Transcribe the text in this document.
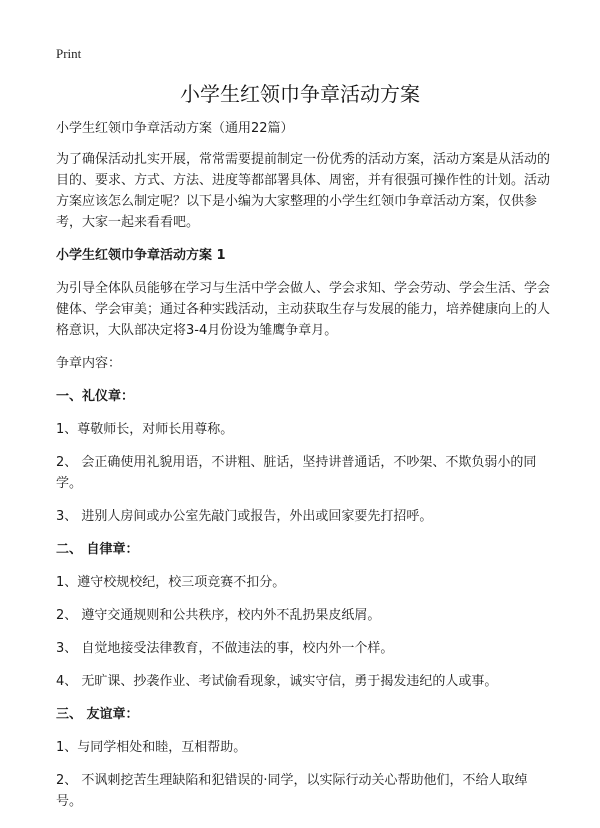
Print
小学生红领巾争章活动方案

小学生红领巾争章活动方案（通用22篇）

为了确保活动扎实开展，常常需要提前制定一份优秀的活动方案，活动方案是从活动的目的、要求、方式、方法、进度等都部署具体、周密，并有很强可操作性的计划。活动方案应该怎么制定呢？以下是小编为大家整理的小学生红领巾争章活动方案，仅供参考，大家一起来看看吧。

小学生红领巾争章活动方案 1

为引导全体队员能够在学习与生活中学会做人、学会求知、学会劳动、学会生活、学会健体、学会审美；通过各种实践活动，主动获取生存与发展的能力，培养健康向上的人格意识，大队部决定将3-4月份设为雏鹰争章月。

争章内容：

一、礼仪章：

1、尊敬师长，对师长用尊称。

2、 会正确使用礼貌用语，不讲粗、脏话，坚持讲普通话，不吵架、不欺负弱小的同学。

3、 进别人房间或办公室先敲门或报告，外出或回家要先打招呼。

二、 自律章：

1、遵守校规校纪，校三项竞赛不扣分。

2、 遵守交通规则和公共秩序，校内外不乱扔果皮纸屑。

3、 自觉地接受法律教育，不做违法的事，校内外一个样。

4、 无旷课、抄袭作业、考试偷看现象，诚实守信，勇于揭发违纪的人或事。

三、 友谊章：

1、与同学相处和睦，互相帮助。

2、 不讽刺挖苦生理缺陷和犯错误的·同学，以实际行动关心帮助他们，不给人取绰号。
